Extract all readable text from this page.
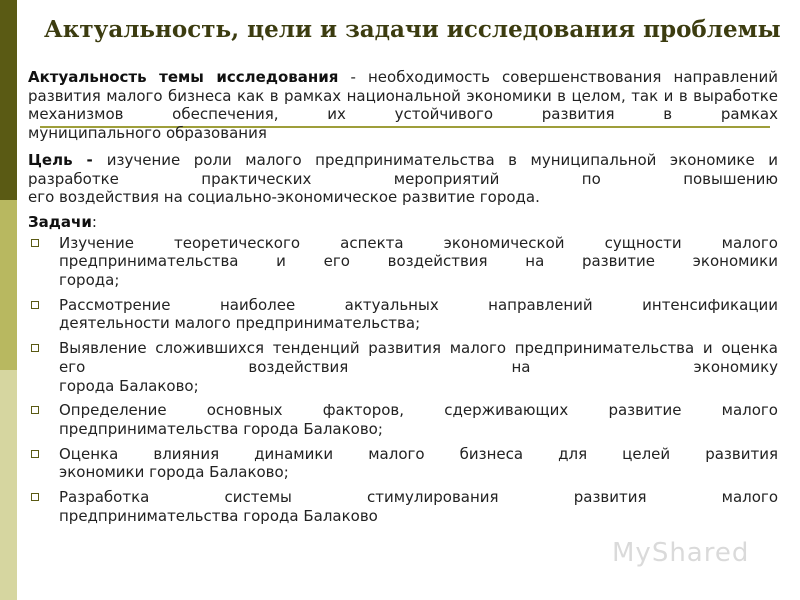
Актуальность, цели и задачи исследования проблемы
Актуальность темы исследования - необходимость совершенствования направлений развития малого бизнеса как в рамках национальной экономики в целом, так и в выработке механизмов обеспечения, их устойчивого развития в рамках
муниципального образования
Цель - изучение роли малого предпринимательства в муниципальной экономике и разработке практических мероприятий по повышению
его воздействия на социально-экономическое развитие города.
Задачи:
Изучение теоретического аспекта экономической сущности малого предпринимательства и его воздействия на развитие экономики
города;
Рассмотрение наиболее актуальных направлений интенсификации
деятельности малого предпринимательства;
Выявление сложившихся тенденций развития малого предпринимательства и оценка его воздействия на экономику
города Балаково;
Определение основных факторов, сдерживающих развитие малого
предпринимательства города Балаково;
Оценка влияния динамики малого бизнеса для целей развития
экономики города Балаково;
Разработка системы стимулирования развития малого
предпринимательства города Балаково
MyShared
